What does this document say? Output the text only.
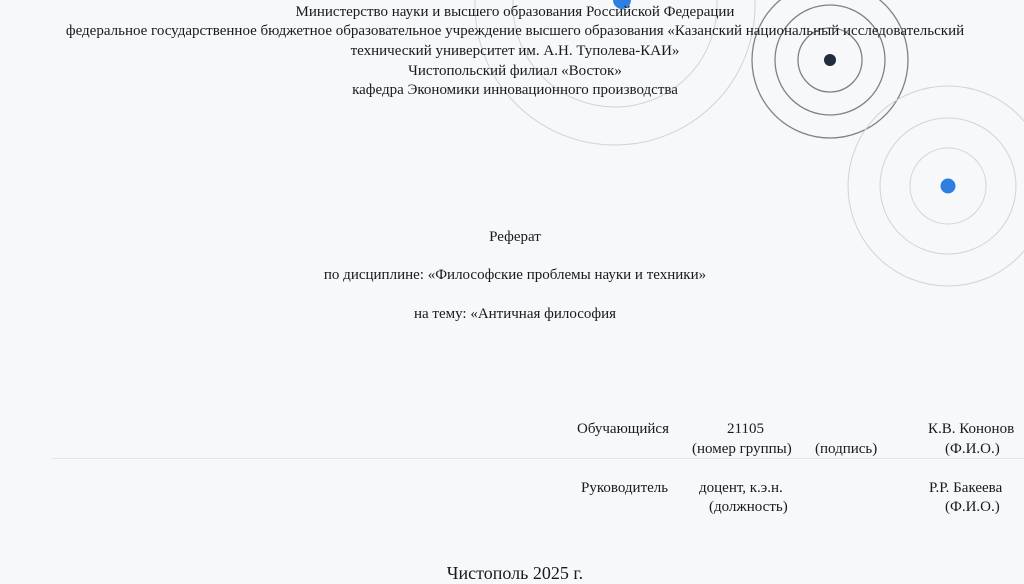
Министерство науки и высшего образования Российской Федерации
федеральное государственное бюджетное образовательное учреждение высшего образования «Казанский национальный исследовательский
технический университет им. А.Н. Туполева-КАИ»
Чистопольский филиал «Восток»
кафедра Экономики инновационного производства
Реферат
по дисциплине: «Философские проблемы науки и техники»
на тему: «Античная философия
Обучающийся	21105
(номер группы) (подпись)
К.В. Кононов
(Ф.И.О.)
Руководитель доцент, к.э.н.
(должность)
Р.Р. Бакеева
(Ф.И.О.)
Чистополь 2025 г.
